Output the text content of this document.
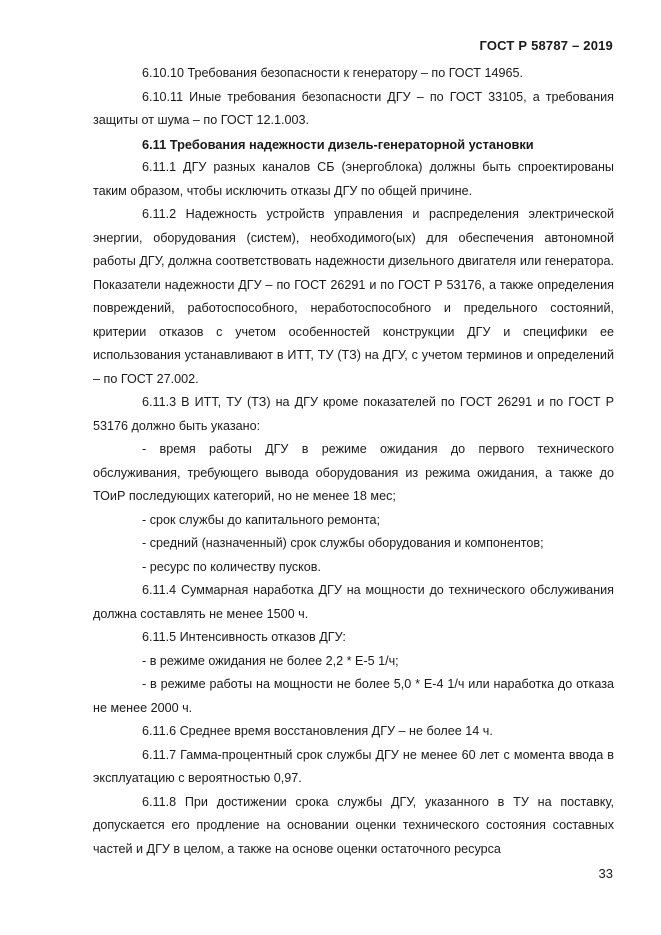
ГОСТ Р 58787 – 2019

6.10.10 Требования безопасности к генератору – по ГОСТ 14965.

6.10.11 Иные требования безопасности ДГУ – по ГОСТ 33105, а требования защиты от шума – по ГОСТ 12.1.003.

6.11 Требования надежности дизель-генераторной установки

6.11.1 ДГУ разных каналов СБ (энергоблока) должны быть спроектированы таким образом, чтобы исключить отказы ДГУ по общей причине.

6.11.2 Надежность устройств управления и распределения электрической энергии, оборудования (систем), необходимого(ых) для обеспечения автономной работы ДГУ, должна соответствовать надежности дизельного двигателя или генератора. Показатели надежности ДГУ – по ГОСТ 26291 и по ГОСТ Р 53176, а также определения повреждений, работоспособного, неработоспособного и предельного состояний, критерии отказов с учетом особенностей конструкции ДГУ и специфики ее использования устанавливают в ИТТ, ТУ (ТЗ) на ДГУ, с учетом терминов и определений – по ГОСТ 27.002.

6.11.3 В ИТТ, ТУ (ТЗ) на ДГУ кроме показателей по ГОСТ 26291 и по ГОСТ Р 53176 должно быть указано:

- время работы ДГУ в режиме ожидания до первого технического обслуживания, требующего вывода оборудования из режима ожидания, а также до ТОиР последующих категорий, но не менее 18 мес;

- срок службы до капитального ремонта;

- средний (назначенный) срок службы оборудования и компонентов;

- ресурс по количеству пусков.

6.11.4 Суммарная наработка ДГУ на мощности до технического обслуживания должна составлять не менее 1500 ч.

6.11.5 Интенсивность отказов ДГУ:

- в режиме ожидания не более 2,2 * Е-5 1/ч;

- в режиме работы на мощности не более 5,0 * Е-4 1/ч или наработка до отказа не менее 2000 ч.

6.11.6 Среднее время восстановления ДГУ – не более 14 ч.

6.11.7 Гамма-процентный срок службы ДГУ не менее 60 лет с момента ввода в эксплуатацию с вероятностью 0,97.

6.11.8 При достижении срока службы ДГУ, указанного в ТУ на поставку, допускается его продление на основании оценки технического состояния составных частей и ДГУ в целом, а также на основе оценки остаточного ресурса

33
